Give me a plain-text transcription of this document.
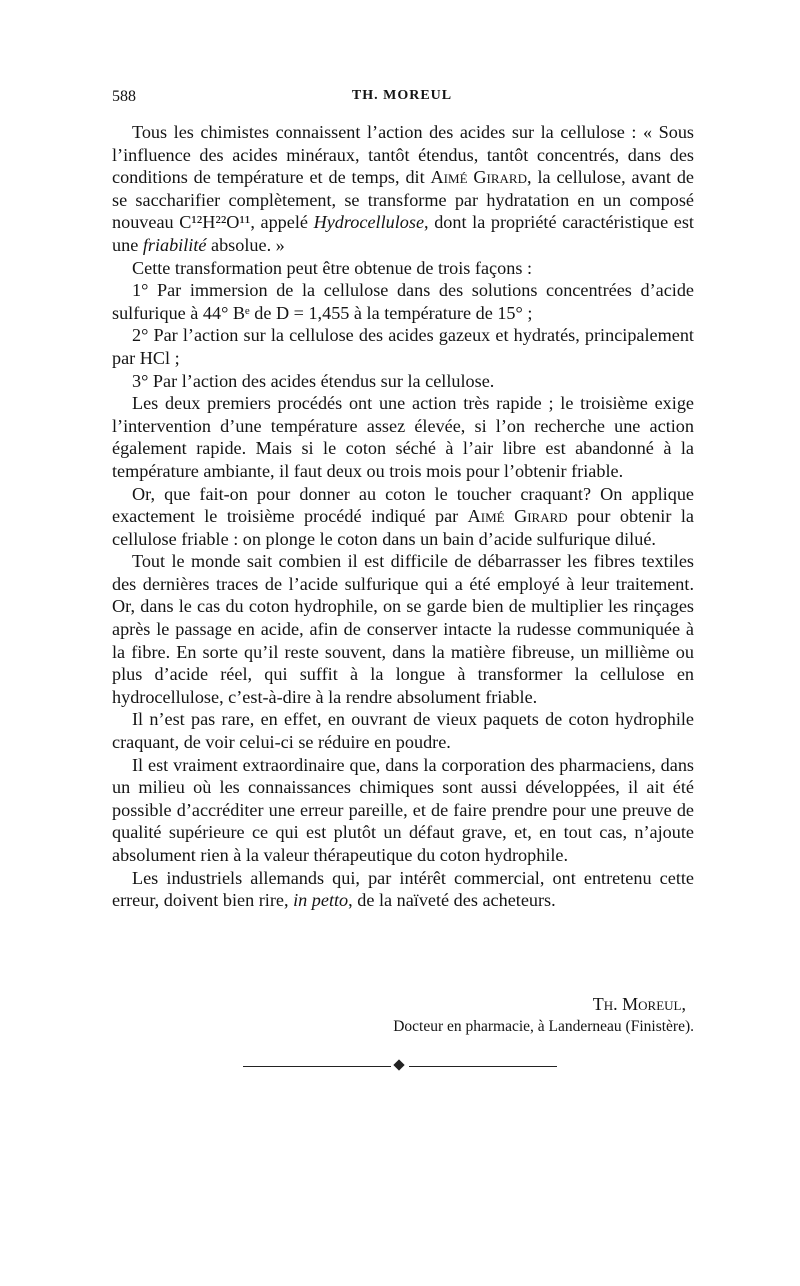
588	TH. MOREUL

Tous les chimistes connaissent l’action des acides sur la cellulose : « Sous l’influence des acides minéraux, tantôt étendus, tantôt concentrés, dans des conditions de température et de temps, dit Aimé Girard, la cellulose, avant de se saccharifier complètement, se transforme par hydratation en un composé nouveau C¹²H²²O¹¹, appelé Hydrocellulose, dont la propriété caractéristique est une friabilité absolue. »

Cette transformation peut être obtenue de trois façons :

1° Par immersion de la cellulose dans des solutions concentrées d’acide sulfurique à 44° Bᵉ de D = 1,455 à la température de 15° ;

2° Par l’action sur la cellulose des acides gazeux et hydratés, principalement par HCl ;

3° Par l’action des acides étendus sur la cellulose.

Les deux premiers procédés ont une action très rapide ; le troisième exige l’intervention d’une température assez élevée, si l’on recherche une action également rapide. Mais si le coton séché à l’air libre est abandonné à la température ambiante, il faut deux ou trois mois pour l’obtenir friable.

Or, que fait-on pour donner au coton le toucher craquant? On applique exactement le troisième procédé indiqué par Aimé Girard pour obtenir la cellulose friable : on plonge le coton dans un bain d’acide sulfurique dilué.

Tout le monde sait combien il est difficile de débarrasser les fibres textiles des dernières traces de l’acide sulfurique qui a été employé à leur traitement. Or, dans le cas du coton hydrophile, on se garde bien de multiplier les rinçages après le passage en acide, afin de conserver intacte la rudesse communiquée à la fibre. En sorte qu’il reste souvent, dans la matière fibreuse, un millième ou plus d’acide réel, qui suffit à la longue à transformer la cellulose en hydrocellulose, c’est-à-dire à la rendre absolument friable.

Il n’est pas rare, en effet, en ouvrant de vieux paquets de coton hydrophile craquant, de voir celui-ci se réduire en poudre.

Il est vraiment extraordinaire que, dans la corporation des pharmaciens, dans un milieu où les connaissances chimiques sont aussi développées, il ait été possible d’accréditer une erreur pareille, et de faire prendre pour une preuve de qualité supérieure ce qui est plutôt un défaut grave, et, en tout cas, n’ajoute absolument rien à la valeur thérapeutique du coton hydrophile.

Les industriels allemands qui, par intérêt commercial, ont entretenu cette erreur, doivent bien rire, in petto, de la naïveté des acheteurs.

Th. Moreul,
Docteur en pharmacie, à Landerneau (Finistère).
